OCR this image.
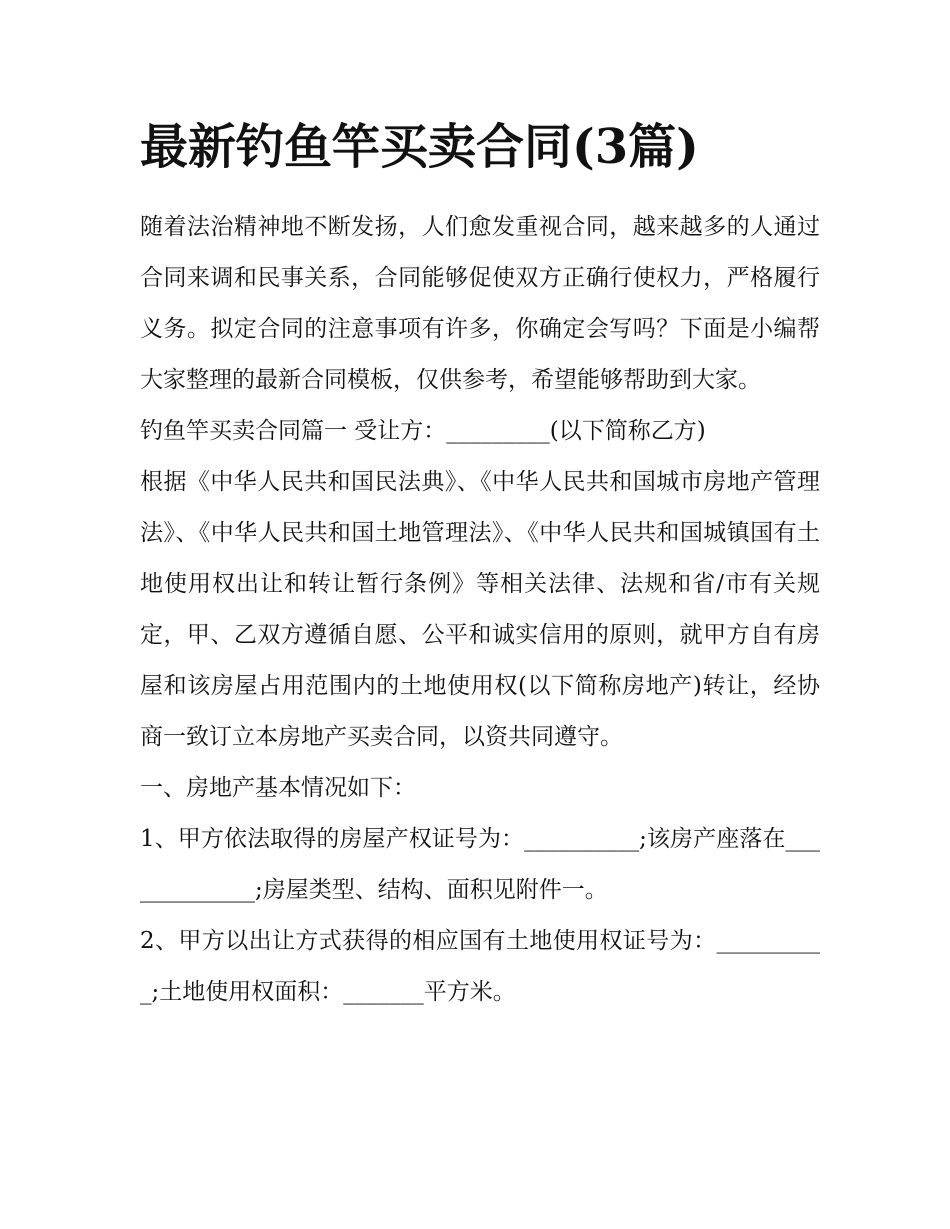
最新钓鱼竿买卖合同(3篇)

随着法治精神地不断发扬，人们愈发重视合同，越来越多的人通过合同来调和民事关系，合同能够促使双方正确行使权力，严格履行义务。拟定合同的注意事项有许多，你确定会写吗？下面是小编帮大家整理的最新合同模板，仅供参考，希望能够帮助到大家。

钓鱼竿买卖合同篇一 受让方：_________(以下简称乙方)

根据《中华人民共和国民法典》、《中华人民共和国城市房地产管理法》、《中华人民共和国土地管理法》、《中华人民共和国城镇国有土地使用权出让和转让暂行条例》等相关法律、法规和省/市有关规定，甲、乙双方遵循自愿、公平和诚实信用的原则，就甲方自有房屋和该房屋占用范围内的土地使用权(以下简称房地产)转让，经协商一致订立本房地产买卖合同，以资共同遵守。

一、房地产基本情况如下：

1、甲方依法取得的房屋产权证号为：__________;该房产座落在_____________;房屋类型、结构、面积见附件一。

2、甲方以出让方式获得的相应国有土地使用权证号为：__________;土地使用权面积：_______平方米。
